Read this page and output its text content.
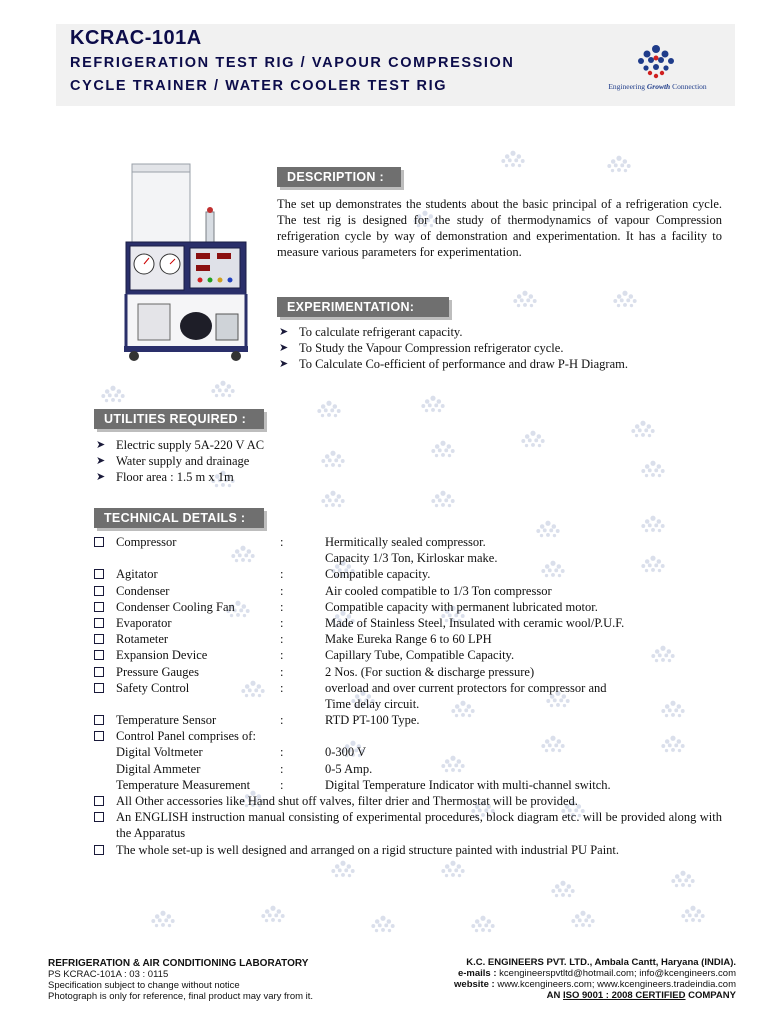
KCRAC-101A
REFRIGERATION TEST RIG / VAPOUR COMPRESSION
CYCLE TRAINER / WATER COOLER TEST RIG	Engineering Growth Connection
DESCRIPTION :
The set up demonstrates the students about the basic principal of a refrigeration cycle. The test rig is designed for the study of thermodynamics of vapour Compression refrigeration cycle by way of demonstration and experimentation. It has a facility to measure various parameters for experimentation.
EXPERIMENTATION:
➤ To calculate refrigerant capacity.
➤ To Study the Vapour Compression refrigerator cycle.
➤ To Calculate Co-efficient of performance and draw P-H Diagram.
UTILITIES REQUIRED :
➤ Electric supply 5A-220 V AC
➤ Water supply and drainage
➤ Floor area : 1.5 m x 1m
TECHNICAL DETAILS :
Compressor	:	Hermitically sealed compressor.
Capacity 1/3 Ton, Kirloskar make.
Agitator	:	Compatible capacity.
Condenser	:	Air cooled compatible to 1/3 Ton compressor
Condenser Cooling Fan	:	Compatible capacity with permanent lubricated motor.
Evaporator	:	Made of Stainless Steel, Insulated with ceramic wool/P.U.F.
Rotameter	:	Make Eureka Range 6 to 60 LPH
Expansion Device	:	Capillary Tube, Compatible Capacity.
Pressure Gauges	:	2 Nos. (For suction & discharge pressure)
Safety Control	:	overload and over current protectors for compressor and
Time delay circuit.
Temperature Sensor	:	RTD PT-100 Type.
Control Panel comprises of:
Digital Voltmeter	:	0-300 V
Digital Ammeter	:	0-5 Amp.
Temperature Measurement :	Digital Temperature Indicator with multi-channel switch.
All Other accessories like Hand shut off valves, filter drier and Thermostat will be provided.
An ENGLISH instruction manual consisting of experimental procedures, block diagram etc. will be provided along with the Apparatus
The whole set-up is well designed and arranged on a rigid structure painted with industrial PU Paint.
REFRIGERATION & AIR CONDITIONING LABORATORY
PS KCRAC-101A : 03 : 0115
Specification subject to change without notice
Photograph is only for reference, final product may vary from it.
K.C. ENGINEERS PVT. LTD., Ambala Cantt, Haryana (INDIA).
e-mails : kcengineerspvtltd@hotmail.com; info@kcengineers.com
website : www.kcengineers.com; www.kcengineers.tradeindia.com
AN ISO 9001 : 2008 CERTIFIED COMPANY
